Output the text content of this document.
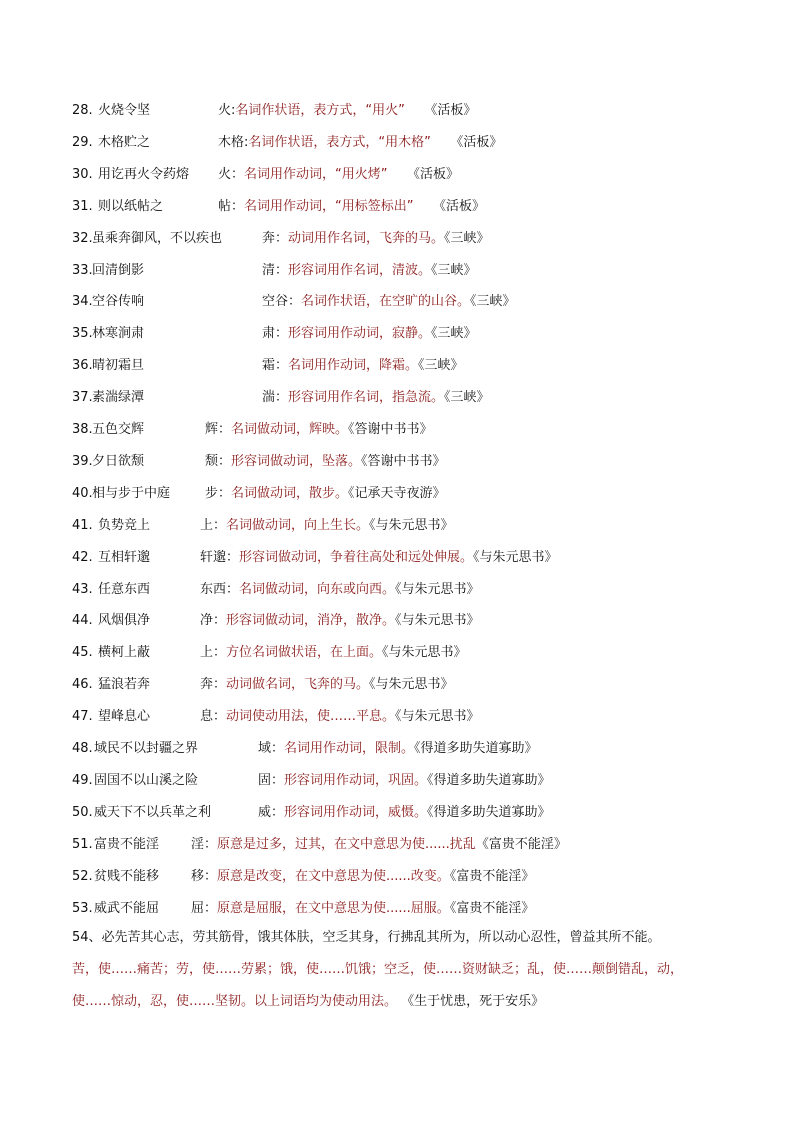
28. 火烧令坚	火:名词作状语，表方式，“用火”   《活板》
29. 木格贮之	木格:名词作状语，表方式，“用木格”   《活板》
30. 用讫再火令药熔 火：名词用作动词，“用火烤”   《活板》
31. 则以纸帖之	帖：名词用作动词，“用标签标出”   《活板》
32. 虽乘奔御风，不以疾也	奔：动词用作名词，飞奔的马。《三峡》
33. 回清倒影	清：形容词用作名词，清波。《三峡》
34. 空谷传响	空谷：名词作状语，在空旷的山谷。《三峡》
35. 林寒涧肃	肃：形容词用作动词，寂静。《三峡》
36. 晴初霜旦	霜：名词用作动词，降霜。《三峡》
37. 素湍绿潭	湍：形容词用作名词，指急流。《三峡》
38. 五色交辉	辉：名词做动词，辉映。《答谢中书书》
39. 夕日欲颓	颓：形容词做动词，坠落。《答谢中书书》
40. 相与步于中庭	步：名词做动词，散步。《记承天寺夜游》
41. 负势竞上	上：名词做动词，向上生长。《与朱元思书》
42. 互相轩邈	轩邈：形容词做动词，争着往高处和远处伸展。《与朱元思书》
43. 任意东西	东西：名词做动词，向东或向西。《与朱元思书》
44. 风烟俱净	净：形容词做动词，消净，散净。《与朱元思书》
45. 横柯上蔽	上：方位名词做状语，在上面。《与朱元思书》
46. 猛浪若奔	奔：动词做名词，飞奔的马。《与朱元思书》
47. 望峰息心	息：动词使动用法，使……平息。《与朱元思书》
48. 域民不以封疆之界	域：名词用作动词，限制。《得道多助失道寡助》
49. 固国不以山溪之险	固：形容词用作动词，巩固。《得道多助失道寡助》
50. 威天下不以兵革之利	威：形容词用作动词，威慑。《得道多助失道寡助》
51. 富贵不能淫 淫：原意是过多，过其，在文中意思为使......扰乱《富贵不能淫》
52. 贫贱不能移 移：原意是改变，在文中意思为使......改变。《富贵不能淫》
53. 威武不能屈 屈：原意是屈服，在文中意思为使......屈服。《富贵不能淫》
54、必先苦其心志，劳其筋骨，饿其体肤，空乏其身，行拂乱其所为，所以动心忍性，曾益其所不能。
苦，使……痛苦；劳，使……劳累；饿，使……饥饿；空乏，使……资财缺乏；乱，使……颠倒错乱，动，
使……惊动，忍，使……坚韧。以上词语均为使动用法。 《生于忧患，死于安乐》
